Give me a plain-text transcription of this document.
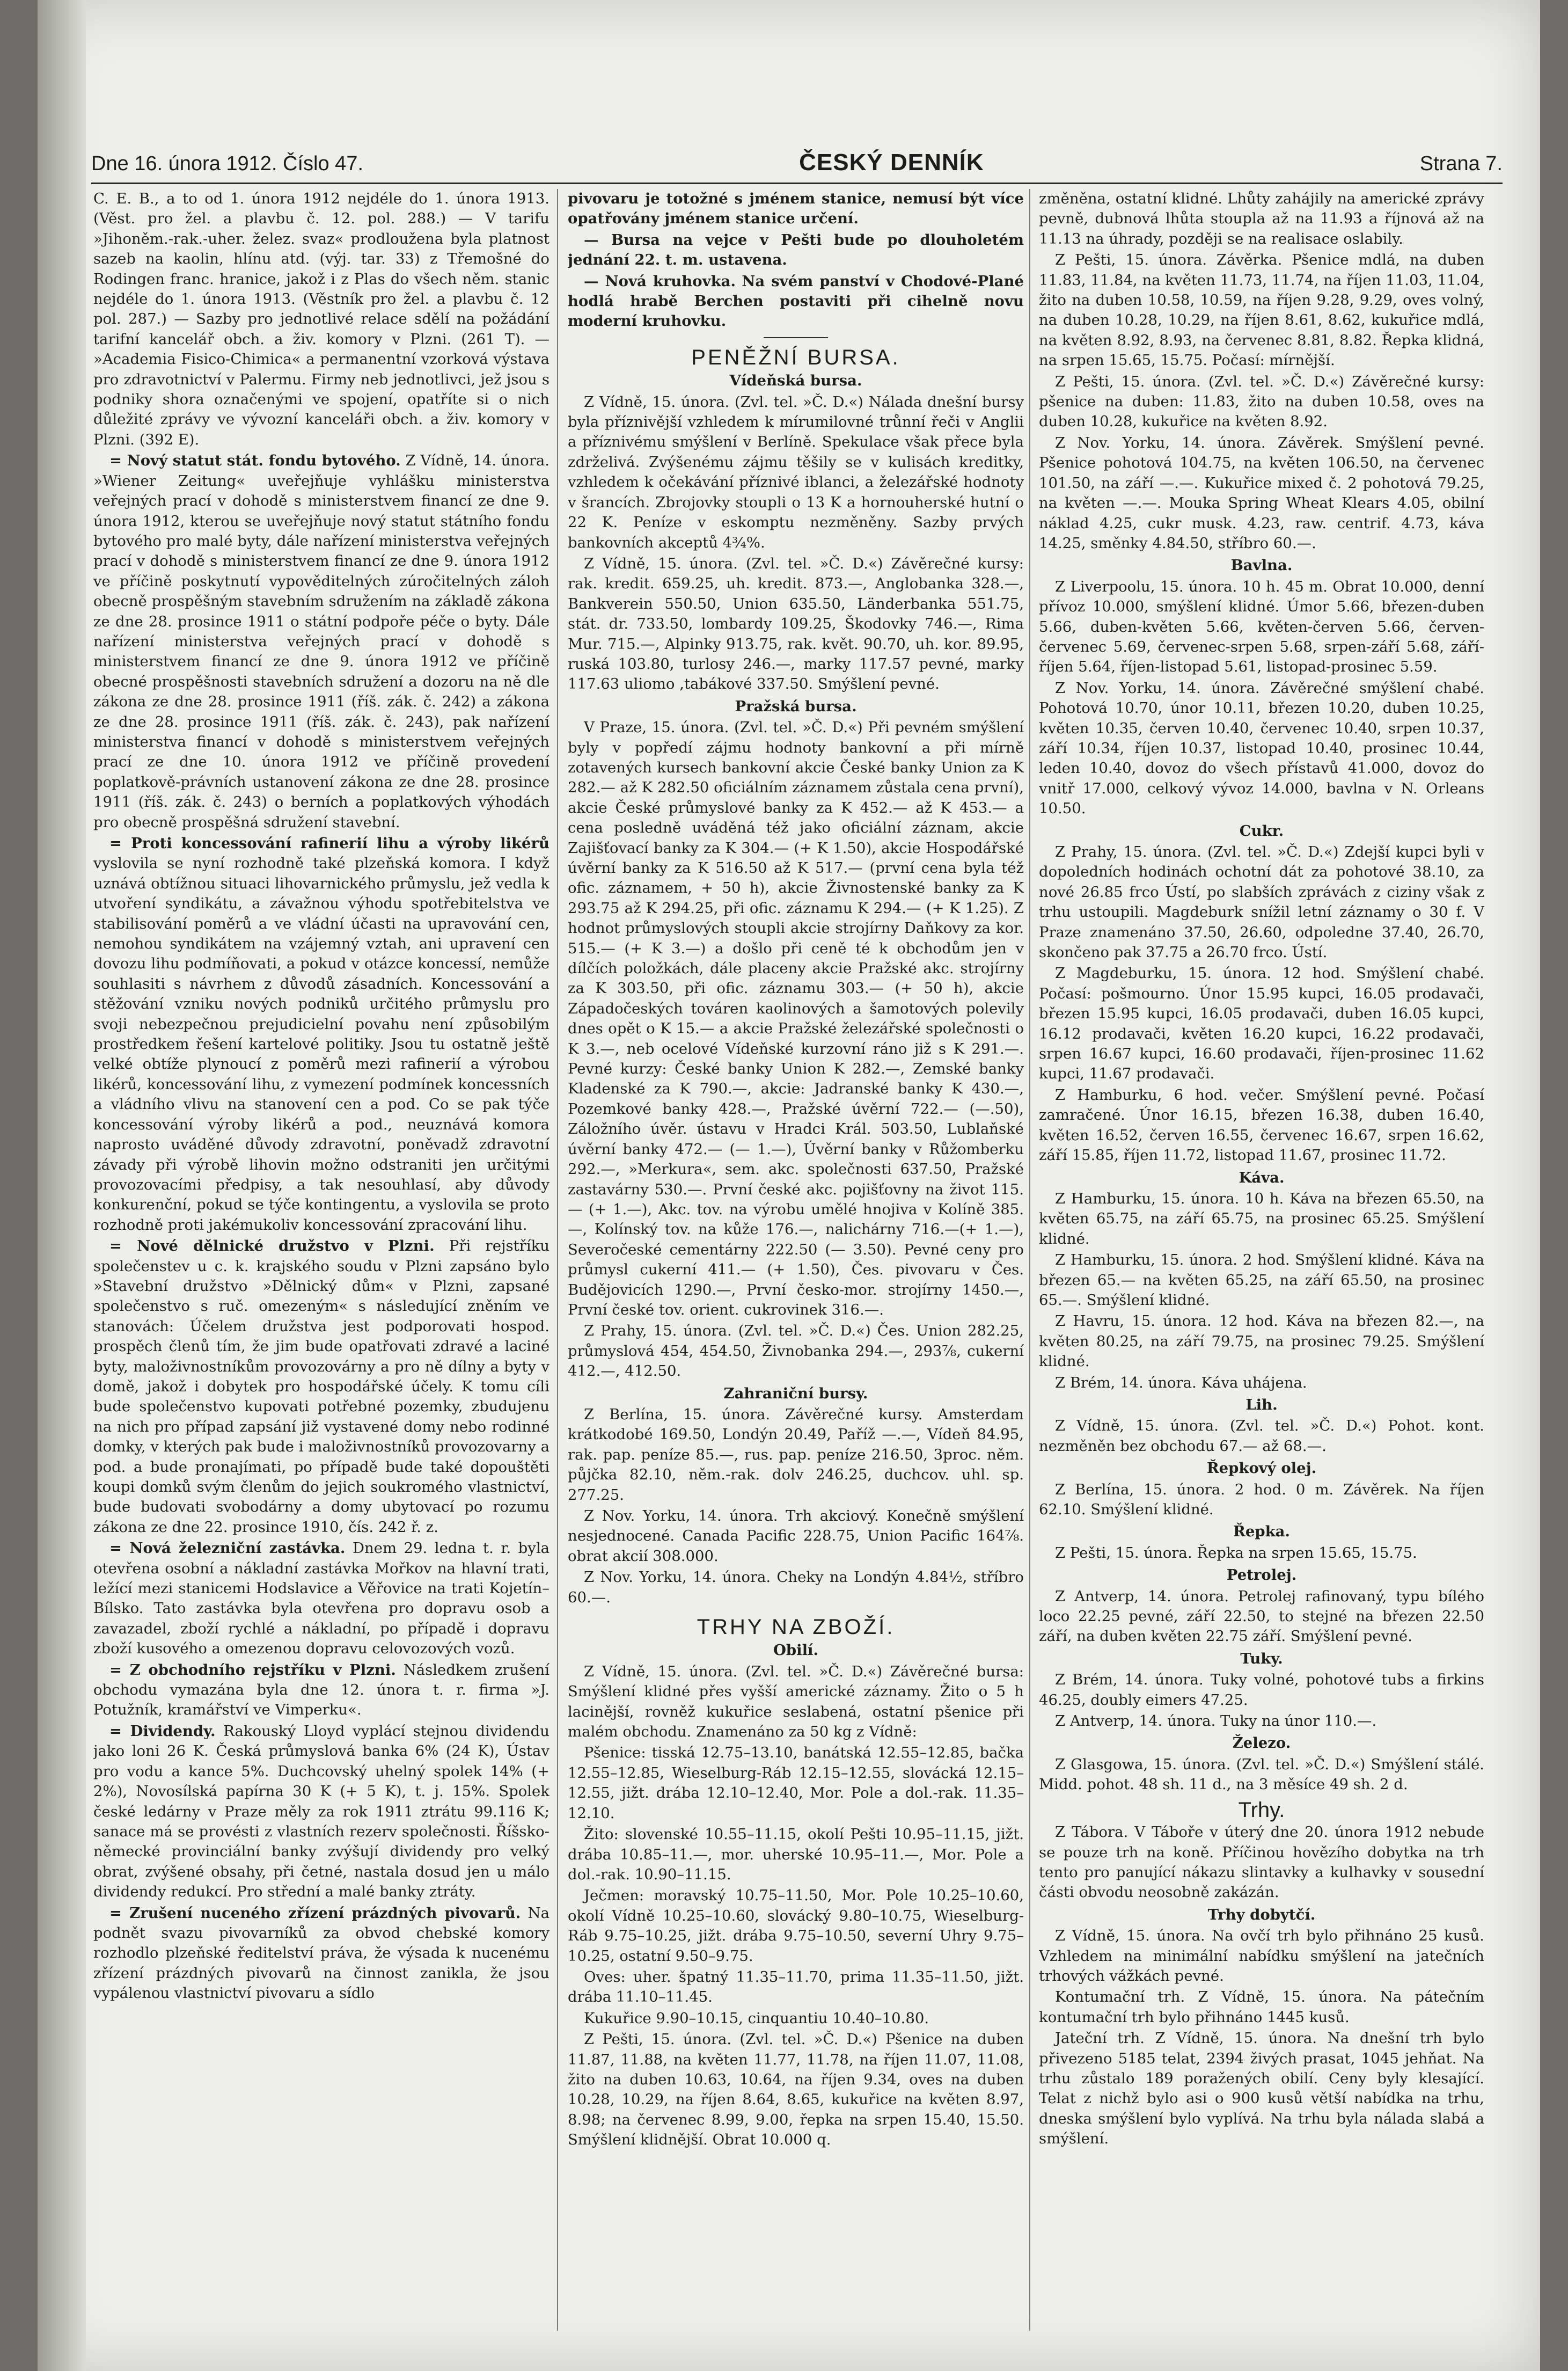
Dne 16. února 1912. Číslo 47.	ČESKÝ DENNÍK	Strana 7.

C. E. B., a to od 1. února 1912 nejdéle do 1. února 1913. (Věst. pro žel. a plavbu č. 12. pol. 288.) — V tarifu »Jihoněm.-rak.-uher. želez. svaz« prodloužena byla platnost sazeb na kaolin, hlínu atd. (výj. tar. 33) z Třemošné do Rodingen franc. hranice, jakož i z Plas do všech něm. stanic nejdéle do 1. února 1913. (Věstník pro žel. a plavbu č. 12 pol. 287.) — Sazby pro jednotlivé relace sdělí na požádání tarifní kancelář obch. a živ. komory v Plzni. (261 T). — »Academia Fisico-Chimica« a permanentní vzorková výstava pro zdravotnictví v Palermu. Firmy neb jednotlivci, jež jsou s podniky shora označenými ve spojení, opatříte si o nich důležité zprávy ve vývozní kanceláři obch. a živ. komory v Plzni. (392 E).

= Nový statut stát. fondu bytového. Z Vídně, 14. února. »Wiener Zeitung« uveřejňuje vyhlášku ministerstva veřejných prací v dohodě s ministerstvem financí ze dne 9. února 1912, kterou se uveřejňuje nový statut státního fondu bytového pro malé byty, dále nařízení ministerstva veřejných prací v dohodě s ministerstvem financí ze dne 9. února 1912 ve příčině poskytnutí vypověditelných zúročitelných záloh obecně prospěšným stavebním sdružením na základě zákona ze dne 28. prosince 1911 o státní podpoře péče o byty. Dále nařízení ministerstva veřejných prací v dohodě s ministerstvem financí ze dne 9. února 1912 ve příčině obecné prospěšnosti stavebních sdružení a dozoru na ně dle zákona ze dne 28. prosince 1911 (říš. zák. č. 242) a zákona ze dne 28. prosince 1911 (říš. zák. č. 243), pak nařízení ministerstva financí v dohodě s ministerstvem veřejných prací ze dne 10. února 1912 ve příčině provedení poplatkově-právních ustanovení zákona ze dne 28. prosince 1911 (říš. zák. č. 243) o berních a poplatkových výhodách pro obecně prospěšná sdružení stavební.

= Proti koncessování rafinerií lihu a výroby likérů vyslovila se nyní rozhodně také plzeňská komora. I když uznává obtížnou situaci lihovarnického průmyslu, jež vedla k utvoření syndikátu, a závažnou výhodu spotřebitelstva ve stabilisování poměrů a ve vládní účasti na upravování cen, nemohou syndikátem na vzájemný vztah, ani upravení cen dovozu lihu podmíňovati, a pokud v otázce koncessí, nemůže souhlasiti s návrhem z důvodů zásadních. Koncessování a stěžování vzniku nových podniků určitého průmyslu pro svoji nebezpečnou prejudicielní povahu není způsobilým prostředkem řešení kartelové politiky. Jsou tu ostatně ještě velké obtíže plynoucí z poměrů mezi rafinerií a výrobou likérů, koncessování lihu, z vymezení podmínek koncessních a vládního vlivu na stanovení cen a pod. Co se pak týče koncessování výroby likérů a pod., neuznává komora naprosto uváděné důvody zdravotní, poněvadž zdravotní závady při výrobě lihovin možno odstraniti jen určitými provozovacími předpisy, a tak nesouhlasí, aby důvody konkurenční, pokud se týče kontingentu, a vyslovila se proto rozhodně proti jakémukoliv koncessování zpracování lihu.

= Nové dělnické družstvo v Plzni. Při rejstříku společenstev u c. k. krajského soudu v Plzni zapsáno bylo »Stavební družstvo »Dělnický dům« v Plzni, zapsané společenstvo s ruč. omezeným« s následující zněním ve stanovách: Účelem družstva jest podporovati hospod. prospěch členů tím, že jim bude opatřovati zdravé a laciné byty, maloživnostníkům provozovárny a pro ně dílny a byty v domě, jakož i dobytek pro hospodářské účely. K tomu cíli bude společenstvo kupovati potřebné pozemky, zbudujenu na nich pro případ zapsání již vystavené domy nebo rodinné domky, v kterých pak bude i maloživnostníků provozovarny a pod. a bude pronajímati, po případě bude také dopouštěti koupi domků svým členům do jejich soukromého vlastnictví, bude budovati svobodárny a domy ubytovací po rozumu zákona ze dne 22. prosince 1910, čís. 242 ř. z.

= Nová železniční zastávka. Dnem 29. ledna t. r. byla otevřena osobní a nákladní zastávka Mořkov na hlavní trati, ležící mezi stanicemi Hodslavice a Věřovice na trati Kojetín–Bílsko. Tato zastávka byla otevřena pro dopravu osob a zavazadel, zboží rychlé a nákladní, po případě i dopravu zboží kusového a omezenou dopravu celovozových vozů.

= Z obchodního rejstříku v Plzni. Následkem zrušení obchodu vymazána byla dne 12. února t. r. firma »J. Potužník, kramářství ve Vimperku«.

= Dividendy. Rakouský Lloyd vyplácí stejnou dividendu jako loni 26 K. Česká průmyslová banka 6% (24 K), Ústav pro vodu a kance 5%. Duchcovský uhelný spolek 14% (+ 2%), Novosílská papírna 30 K (+ 5 K), t. j. 15%. Spolek české ledárny v Praze měly za rok 1911 ztrátu 99.116 K; sanace má se provésti z vlastních rezerv společnosti. Říšsko-německé provinciální banky zvýšují dividendy pro velký obrat, zvýšené obsahy, při četné, nastala dosud jen u málo dividendy redukcí. Pro střední a malé banky ztráty.

= Zrušení nuceného zřízení prázdných pivovarů. Na podnět svazu pivovarníků za obvod chebské komory rozhodlo plzeňské ředitelství práva, že výsada k nucenému zřízení prázdných pivovarů na činnost zanikla, že jsou vypálenou vlastnictví pivovaru a sídlo

pivovaru je totožné s jménem stanice, nemusí být více opatřovány jménem stanice určení.

— Bursa na vejce v Pešti bude po dlouholetém jednání 22. t. m. ustavena.

— Nová kruhovka. Na svém panství v Chodové-Plané hodlá hrabě Berchen postaviti při cihelně novu moderní kruhovku.

PENĚŽNÍ BURSA.
Vídeňská bursa.

Z Vídně, 15. února. (Zvl. tel. »Č. D.«) Nálada dnešní bursy byla příznivější vzhledem k mírumilovné trůnní řeči v Anglii a příznivému smýšlení v Berlíně. Spekulace však přece byla zdrželivá. Zvýšenému zájmu těšily se v kulisách kreditky, vzhledem k očekávání příznivé iblanci, a železářské hodnoty v šrancích. Zbrojovky stoupli o 13 K a hornouherské hutní o 22 K. Peníze v eskomptu nezměněny. Sazby prvých bankovních akceptů 4¾%.

Z Vídně, 15. února. (Zvl. tel. »Č. D.«) Závěrečné kursy: rak. kredit. 659.25, uh. kredit. 873.—, Anglobanka 328.—, Bankverein 550.50, Union 635.50, Länderbanka 551.75, stát. dr. 733.50, lombardy 109.25, Škodovky 746.—, Rima Mur. 715.—, Alpinky 913.75, rak. květ. 90.70, uh. kor. 89.95, ruská 103.80, turlosy 246.—, marky 117.57 pevné, marky 117.63 uliomo ,tabákové 337.50. Smýšlení pevné.

Pražská bursa.

V Praze, 15. února. (Zvl. tel. »Č. D.«) Při pevném smýšlení byly v popředí zájmu hodnoty bankovní a při mírně zotavených kursech bankovní akcie České banky Union za K 282.— až K 282.50 oficiálním záznamem zůstala cena první), akcie České průmyslové banky za K 452.— až K 453.— a cena posledně uváděná též jako oficiální záznam, akcie Zajišťovací banky za K 304.— (+ K 1.50), akcie Hospodářské úvěrní banky za K 516.50 až K 517.— (první cena byla též ofic. záznamem, + 50 h), akcie Živnostenské banky za K 293.75 až K 294.25, při ofic. záznamu K 294.— (+ K 1.25). Z hodnot průmyslových stoupli akcie strojírny Daňkovy za kor. 515.— (+ K 3.—) a došlo při ceně té k obchodům jen v dílčích položkách, dále placeny akcie Pražské akc. strojírny za K 303.50, při ofic. záznamu 303.— (+ 50 h), akcie Západočeských továren kaolinových a šamotových polevily dnes opět o K 15.— a akcie Pražské železářské společnosti o K 3.—, neb ocelové Vídeňské kurzovní ráno již s K 291.—. Pevné kurzy: České banky Union K 282.—, Zemské banky Kladenské za K 790.—, akcie: Jadranské banky K 430.—, Pozemkové banky 428.—, Pražské úvěrní 722.— (—.50), Záložního úvěr. ústavu v Hradci Král. 503.50, Lublaňské úvěrní banky 472.— (— 1.—), Úvěrní banky v Růžomberku 292.—, »Merkura«, sem. akc. společnosti 637.50, Pražské zastavárny 530.—. První české akc. pojišťovny na život 115.— (+ 1.—), Akc. tov. na výrobu umělé hnojiva v Kolíně 385.—, Kolínský tov. na kůže 176.—, nalichárny 716.—(+ 1.—), Severočeské cementárny 222.50 (— 3.50). Pevné ceny pro průmysl cukerní 411.— (+ 1.50), Čes. pivovaru v Čes. Budějovicích 1290.—, První česko-mor. strojírny 1450.—, První české tov. orient. cukrovinek 316.—.

Z Prahy, 15. února. (Zvl. tel. »Č. D.«) Čes. Union 282.25, průmyslová 454, 454.50, Živnobanka 294.—, 293⅞, cukerní 412.—, 412.50.

Zahraniční bursy.

Z Berlína, 15. února. Závěrečné kursy. Amsterdam krátkodobé 169.50, Londýn 20.49, Paříž —.—, Vídeň 84.95, rak. pap. peníze 85.—, rus. pap. peníze 216.50, 3proc. něm. půjčka 82.10, něm.-rak. dolv 246.25, duchcov. uhl. sp. 277.25.

Z Nov. Yorku, 14. února. Trh akciový. Konečně smýšlení nesjednocené. Canada Pacific 228.75, Union Pacific 164⅞. obrat akcií 308.000.

Z Nov. Yorku, 14. února. Cheky na Londýn 4.84½, stříbro 60.—.

TRHY NA ZBOŽÍ.
Obilí.

Z Vídně, 15. února. (Zvl. tel. »Č. D.«) Závěrečné bursa: Smýšlení klidné přes vyšší americké záznamy. Žito o 5 h lacinější, rovněž kukuřice seslabená, ostatní pšenice při malém obchodu. Znamenáno za 50 kg z Vídně:

Pšenice: tisská 12.75–13.10, banátská 12.55–12.85, bačka 12.55–12.85, Wieselburg-Ráb 12.15–12.55, slovácká 12.15–12.55, jižt. drába 12.10–12.40, Mor. Pole a dol.-rak. 11.35–12.10.

Žito: slovenské 10.55–11.15, okolí Pešti 10.95–11.15, jižt. drába 10.85–11.—, mor. uherské 10.95–11.—, Mor. Pole a dol.-rak. 10.90–11.15.

Ječmen: moravský 10.75–11.50, Mor. Pole 10.25–10.60, okolí Vídně 10.25–10.60, slovácký 9.80–10.75, Wieselburg-Ráb 9.75–10.25, jižt. drába 9.75–10.50, severní Uhry 9.75–10.25, ostatní 9.50–9.75.

Oves: uher. špatný 11.35–11.70, prima 11.35–11.50, jižt. drába 11.10–11.45.

Kukuřice 9.90–10.15, cinquantiu 10.40–10.80.

Z Pešti, 15. února. (Zvl. tel. »Č. D.«) Pšenice na duben 11.87, 11.88, na květen 11.77, 11.78, na říjen 11.07, 11.08, žito na duben 10.63, 10.64, na říjen 9.34, oves na duben 10.28, 10.29, na říjen 8.64, 8.65, kukuřice na květen 8.97, 8.98; na červenec 8.99, 9.00, řepka na srpen 15.40, 15.50. Smýšlení klidnější. Obrat 10.000 q.

změněna, ostatní klidné. Lhůty zahájily na americké zprávy pevně, dubnová lhůta stoupla až na 11.93 a říjnová až na 11.13 na úhrady, později se na realisace oslabily.

Z Pešti, 15. února. Závěrka. Pšenice mdlá, na duben 11.83, 11.84, na květen 11.73, 11.74, na říjen 11.03, 11.04, žito na duben 10.58, 10.59, na říjen 9.28, 9.29, oves volný, na duben 10.28, 10.29, na říjen 8.61, 8.62, kukuřice mdlá, na květen 8.92, 8.93, na červenec 8.81, 8.82. Řepka klidná, na srpen 15.65, 15.75. Počasí: mírnější.

Z Pešti, 15. února. (Zvl. tel. »Č. D.«) Závěrečné kursy: pšenice na duben: 11.83, žito na duben 10.58, oves na duben 10.28, kukuřice na květen 8.92.

Z Nov. Yorku, 14. února. Závěrek. Smýšlení pevné. Pšenice pohotová 104.75, na květen 106.50, na červenec 101.50, na září —.—. Kukuřice mixed č. 2 pohotová 79.25, na květen —.—. Mouka Spring Wheat Klears 4.05, obilní náklad 4.25, cukr musk. 4.23, raw. centrif. 4.73, káva 14.25, směnky 4.84.50, stříbro 60.—.

Bavlna.

Z Liverpoolu, 15. února. 10 h. 45 m. Obrat 10.000, denní přívoz 10.000, smýšlení klidné. Úmor 5.66, březen-duben 5.66, duben-květen 5.66, květen-červen 5.66, červen-červenec 5.69, červenec-srpen 5.68, srpen-září 5.68, září-říjen 5.64, říjen-listopad 5.61, listopad-prosinec 5.59.

Z Nov. Yorku, 14. února. Závěrečné smýšlení chabé. Pohotová 10.70, únor 10.11, březen 10.20, duben 10.25, květen 10.35, červen 10.40, červenec 10.40, srpen 10.37, září 10.34, říjen 10.37, listopad 10.40, prosinec 10.44, leden 10.40, dovoz do všech přístavů 41.000, dovoz do vnitř 17.000, celkový vývoz 14.000, bavlna v N. Orleans 10.50.

Cukr.

Z Prahy, 15. února. (Zvl. tel. »Č. D.«) Zdejší kupci byli v dopoledních hodinách ochotní dát za pohotové 38.10, za nové 26.85 frco Ústí, po slabších zprávách z ciziny však z trhu ustoupili. Magdeburk snížil letní záznamy o 30 f. V Praze znamenáno 37.50, 26.60, odpoledne 37.40, 26.70, skončeno pak 37.75 a 26.70 frco. Ústí.

Z Magdeburku, 15. února. 12 hod. Smýšlení chabé. Počasí: pošmourno. Únor 15.95 kupci, 16.05 prodavači, březen 15.95 kupci, 16.05 prodavači, duben 16.05 kupci, 16.12 prodavači, květen 16.20 kupci, 16.22 prodavači, srpen 16.67 kupci, 16.60 prodavači, říjen-prosinec 11.62 kupci, 11.67 prodavači.

Z Hamburku, 6 hod. večer. Smýšlení pevné. Počasí zamračené. Únor 16.15, březen 16.38, duben 16.40, květen 16.52, červen 16.55, červenec 16.67, srpen 16.62, září 15.85, říjen 11.72, listopad 11.67, prosinec 11.72.

Káva.

Z Hamburku, 15. února. 10 h. Káva na březen 65.50, na květen 65.75, na září 65.75, na prosinec 65.25. Smýšlení klidné.

Z Hamburku, 15. února. 2 hod. Smýšlení klidné. Káva na březen 65.— na květen 65.25, na září 65.50, na prosinec 65.—. Smýšlení klidné.

Z Havru, 15. února. 12 hod. Káva na březen 82.—, na květen 80.25, na září 79.75, na prosinec 79.25. Smýšlení klidné.

Z Brém, 14. února. Káva uhájena.

Lih.

Z Vídně, 15. února. (Zvl. tel. »Č. D.«) Pohot. kont. nezměněn bez obchodu 67.— až 68.—.

Řepkový olej.

Z Berlína, 15. února. 2 hod. 0 m. Závěrek. Na říjen 62.10. Smýšlení klidné.

Řepka.

Z Pešti, 15. února. Řepka na srpen 15.65, 15.75.

Petrolej.

Z Antverp, 14. února. Petrolej rafinovaný, typu bílého loco 22.25 pevné, září 22.50, to stejné na březen 22.50 září, na duben květen 22.75 září. Smýšlení pevné.

Tuky.

Z Brém, 14. února. Tuky volné, pohotové tubs a firkins 46.25, doubly eimers 47.25.

Z Antverp, 14. února. Tuky na únor 110.—.

Železo.

Z Glasgowa, 15. února. (Zvl. tel. »Č. D.«) Smýšlení stálé. Midd. pohot. 48 sh. 11 d., na 3 měsíce 49 sh. 2 d.

Trhy.

Z Tábora. V Táboře v úterý dne 20. února 1912 nebude se pouze trh na koně. Příčinou hovězího dobytka na trh tento pro panující nákazu slintavky a kulhavky v sousední části obvodu neosobně zakázán.

Trhy dobytčí.

Z Vídně, 15. února. Na ovčí trh bylo přihnáno 25 kusů. Vzhledem na minimální nabídku smýšlení na jatečních trhových vážkách pevné.

Kontumační trh. Z Vídně, 15. února. Na pátečním kontumační trh bylo přihnáno 1445 kusů.

Jateční trh. Z Vídně, 15. února. Na dnešní trh bylo přivezeno 5185 telat, 2394 živých prasat, 1045 jehňat. Na trhu zůstalo 189 poražených obilí. Ceny byly klesající. Telat z nichž bylo asi o 900 kusů větší nabídka na trhu, dneska smýšlení bylo vyplívá. Na trhu byla nálada slabá a smýšlení.
